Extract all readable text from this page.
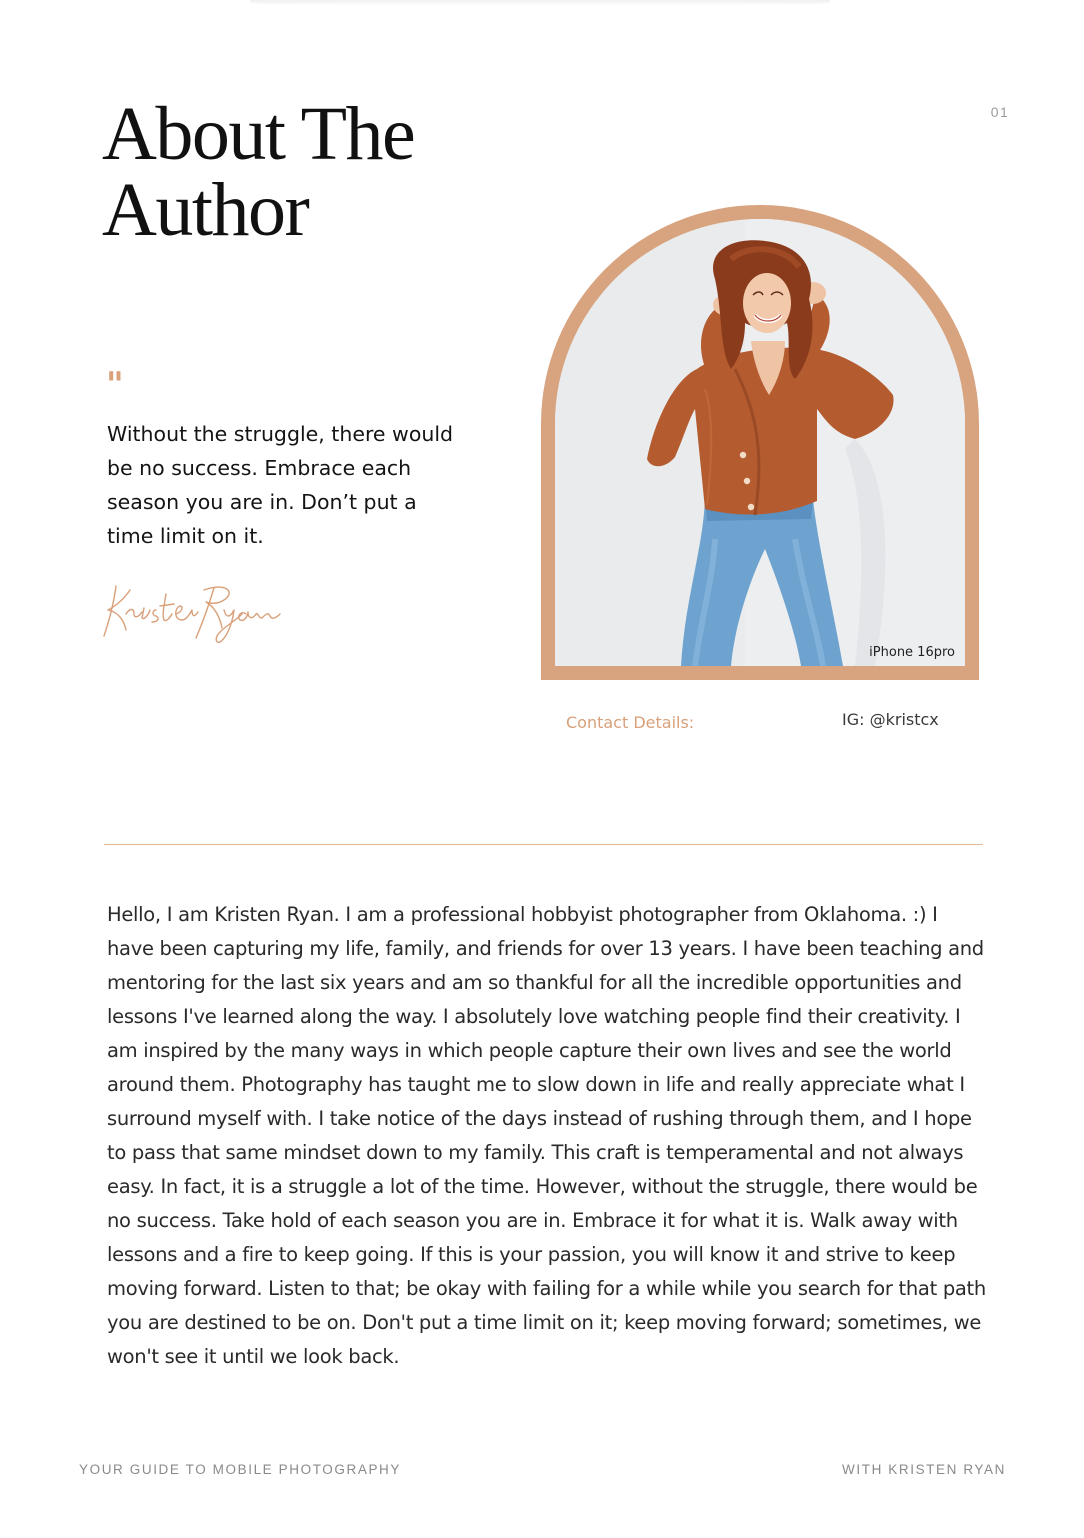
01
About The
Author
"

Without the struggle, there would be no success. Embrace each season you are in. Don’t put a time limit on it.

iPhone 16pro
Contact Details:	IG: @kristcx

Hello, I am Kristen Ryan. I am a professional hobbyist photographer from Oklahoma. :) I have been capturing my life, family, and friends for over 13 years. I have been teaching and mentoring for the last six years and am so thankful for all the incredible opportunities and lessons I've learned along the way. I absolutely love watching people find their creativity. I am inspired by the many ways in which people capture their own lives and see the world around them. Photography has taught me to slow down in life and really appreciate what I surround myself with. I take notice of the days instead of rushing through them, and I hope to pass that same mindset down to my family. This craft is temperamental and not always easy. In fact, it is a struggle a lot of the time. However, without the struggle, there would be no success. Take hold of each season you are in. Embrace it for what it is. Walk away with lessons and a fire to keep going. If this is your passion, you will know it and strive to keep moving forward. Listen to that; be okay with failing for a while while you search for that path you are destined to be on. Don't put a time limit on it; keep moving forward; sometimes, we won't see it until we look back.

YOUR GUIDE TO MOBILE PHOTOGRAPHY	WITH KRISTEN RYAN
